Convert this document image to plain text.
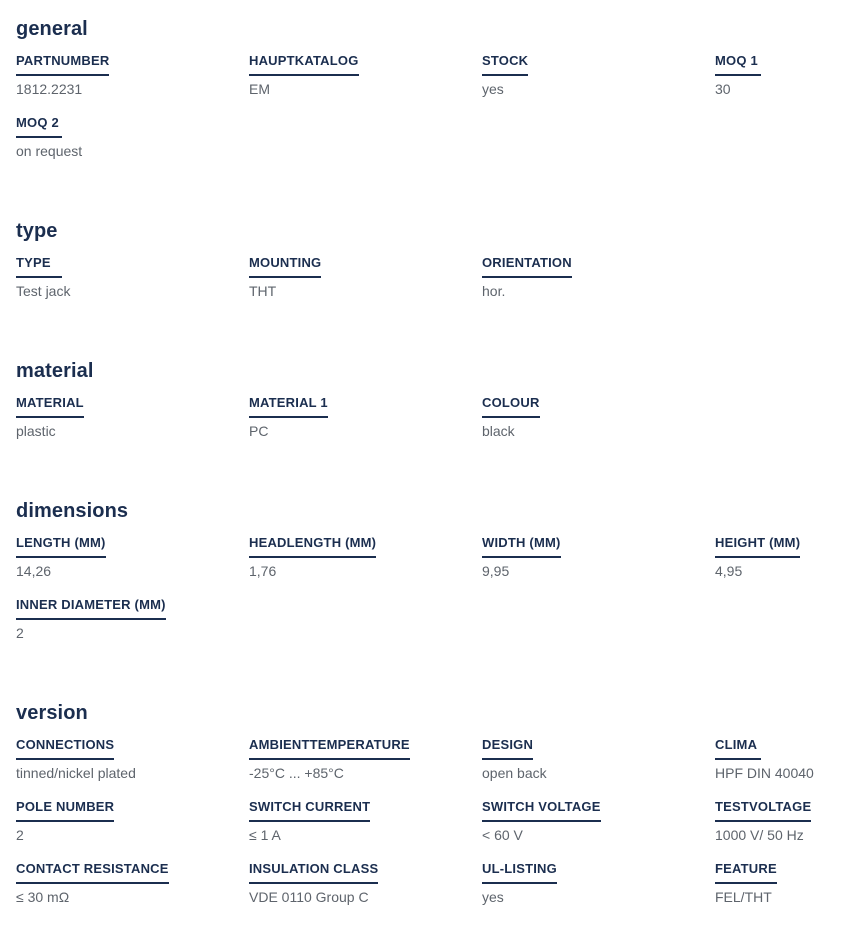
general
PARTNUMBER
1812.2231
HAUPTKATALOG
EM
STOCK
yes
MOQ 1
30
MOQ 2
on request
type
TYPE
Test jack
MOUNTING
THT
ORIENTATION
hor.
material
MATERIAL
plastic
MATERIAL 1
PC
COLOUR
black
dimensions
LENGTH (MM)
14,26
HEADLENGTH (MM)
1,76
WIDTH (MM)
9,95
HEIGHT (MM)
4,95
INNER DIAMETER (MM)
2
version
CONNECTIONS
tinned/nickel plated
AMBIENTTEMPERATURE
-25°C ... +85°C
DESIGN
open back
CLIMA
HPF DIN 40040
POLE NUMBER
2
SWITCH CURRENT
≤ 1 A
SWITCH VOLTAGE
< 60 V
TESTVOLTAGE
1000 V/ 50 Hz
CONTACT RESISTANCE
≤ 30 mΩ
INSULATION CLASS
VDE 0110 Group C
UL-LISTING
yes
FEATURE
FEL/THT
